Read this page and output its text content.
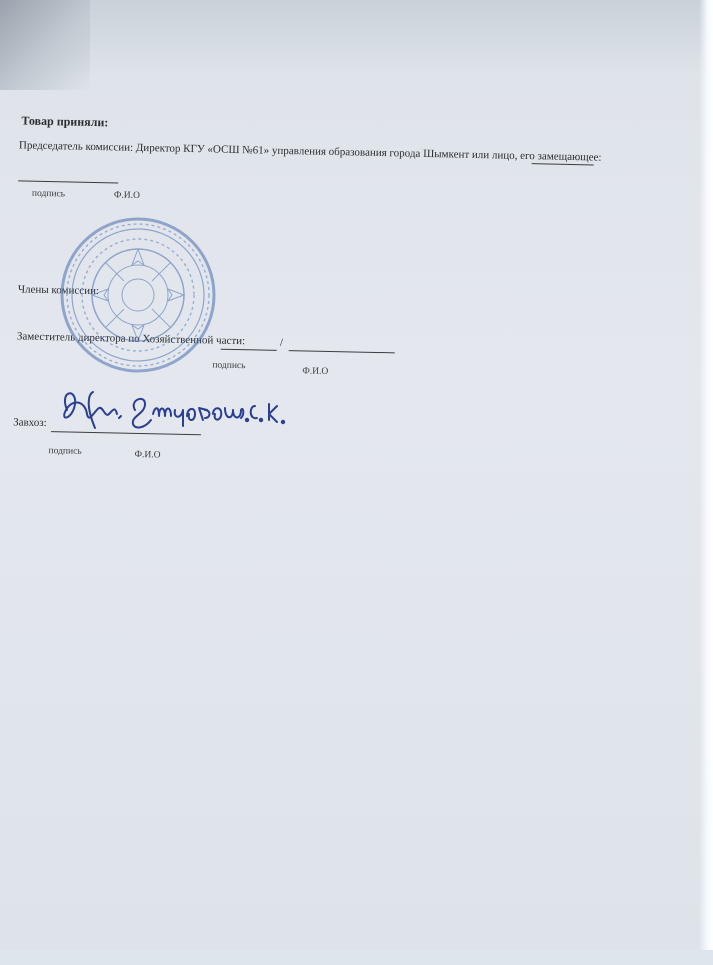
Товар приняли:
Председатель комиссии: Директор КГУ «ОСШ №61» управления образования города Шымкент или лицо, его замещающее:
подпись	Ф.И.О
Члены комиссии:
Заместитель директора по Хозяйственной части:	/
подпись
Ф.И.О
Завхоз:
подпись	Ф.И.О
